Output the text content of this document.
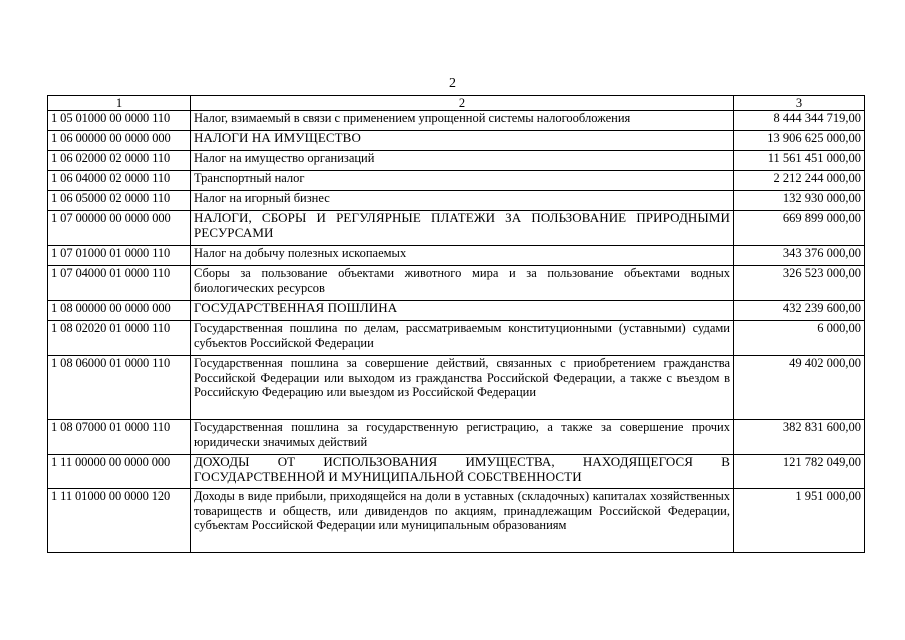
2
1	2	3
1 05 01000 00 0000 110	Налог, взимаемый в связи с применением упрощенной системы налогообложения	8 444 344 719,00
1 06 00000 00 0000 000	НАЛОГИ НА ИМУЩЕСТВО	13 906 625 000,00
1 06 02000 02 0000 110	Налог на имущество организаций	11 561 451 000,00
1 06 04000 02 0000 110	Транспортный налог	2 212 244 000,00
1 06 05000 02 0000 110	Налог на игорный бизнес	132 930 000,00
1 07 00000 00 0000 000	НАЛОГИ, СБОРЫ И РЕГУЛЯРНЫЕ ПЛАТЕЖИ ЗА ПОЛЬЗОВАНИЕ ПРИРОДНЫМИ РЕСУРСАМИ	669 899 000,00
1 07 01000 01 0000 110	Налог на добычу полезных ископаемых	343 376 000,00
1 07 04000 01 0000 110	Сборы за пользование объектами животного мира и за пользование объектами водных биологических ресурсов	326 523 000,00
1 08 00000 00 0000 000	ГОСУДАРСТВЕННАЯ ПОШЛИНА	432 239 600,00
1 08 02020 01 0000 110	Государственная пошлина по делам, рассматриваемым конституционными (уставными) судами субъектов Российской Федерации	6 000,00
1 08 06000 01 0000 110	Государственная пошлина за совершение действий, связанных с приобретением гражданства Российской Федерации или выходом из гражданства Российской Федерации, а также с въездом в Российскую Федерацию или выездом из Российской Федерации	49 402 000,00
1 08 07000 01 0000 110	Государственная пошлина за государственную регистрацию, а также за совершение прочих юридически значимых действий	382 831 600,00
1 11 00000 00 0000 000	ДОХОДЫ ОТ ИСПОЛЬЗОВАНИЯ ИМУЩЕСТВА, НАХОДЯЩЕГОСЯ В ГОСУДАРСТВЕННОЙ И МУНИЦИПАЛЬНОЙ СОБСТВЕННОСТИ	121 782 049,00
1 11 01000 00 0000 120	Доходы в виде прибыли, приходящейся на доли в уставных (складочных) капиталах хозяйственных товариществ и обществ, или дивидендов по акциям, принадлежащим Российской Федерации, субъектам Российской Федерации или муниципальным образованиям	1 951 000,00
